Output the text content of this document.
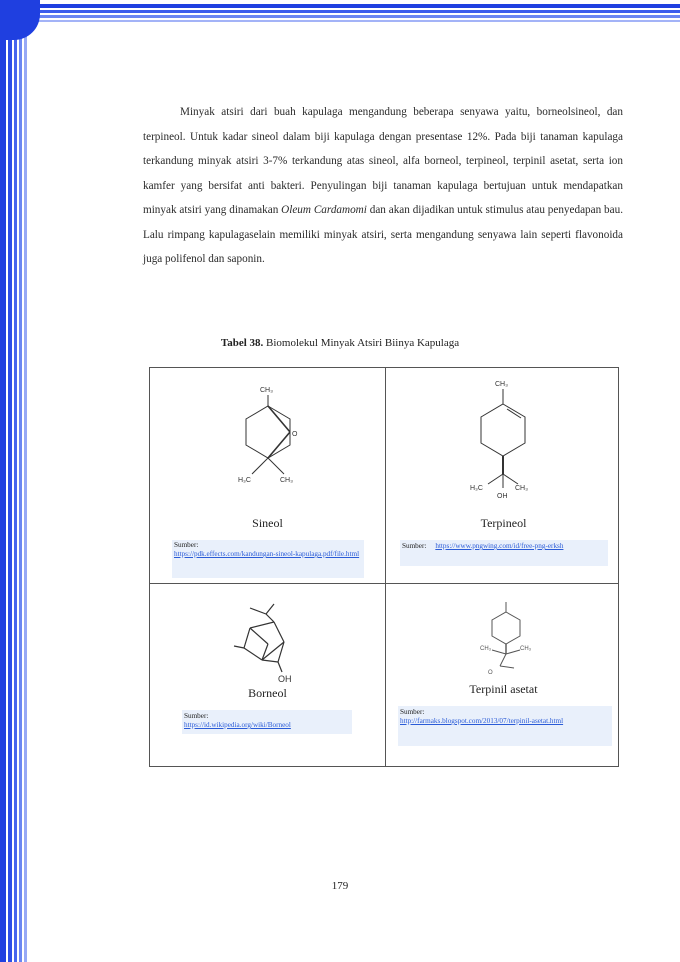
Minyak atsiri dari buah kapulaga mengandung beberapa senyawa yaitu, borneolsineol, dan terpineol. Untuk kadar sineol dalam biji kapulaga dengan presentase 12%. Pada biji tanaman kapulaga terkandung minyak atsiri 3-7% terkandung atas sineol, alfa borneol, terpineol, terpinil asetat, serta ion kamfer yang bersifat anti bakteri. Penyulingan biji tanaman kapulaga bertujuan untuk mendapatkan minyak atsiri yang dinamakan Oleum Cardamomi dan akan dijadikan untuk stimulus atau penyedapan bau. Lalu rimpang kapulagaselain memiliki minyak atsiri, serta mengandung senyawa lain seperti flavonoida juga polifenol dan saponin.

Tabel 38. Biomolekul Minyak Atsiri Biinya Kapulaga
CH₃
O
H₃C	CH₃
Sineol
Sumber:
https://pdk.effects.com/kandungan-sineol-kapulaga.pdf/file.html
CH₃
H₃C	CH₃
OH
Terpineol
Sumber: https://www.pngwing.com/id/free-png-erksh
OH
Borneol
Sumber:
https://id.wikipedia.org/wiki/Borneol
CH₃	CH₃
O
Terpinil asetat
Sumber:
http://farmaks.blogspot.com/2013/07/terpinil-asetat.html
179
